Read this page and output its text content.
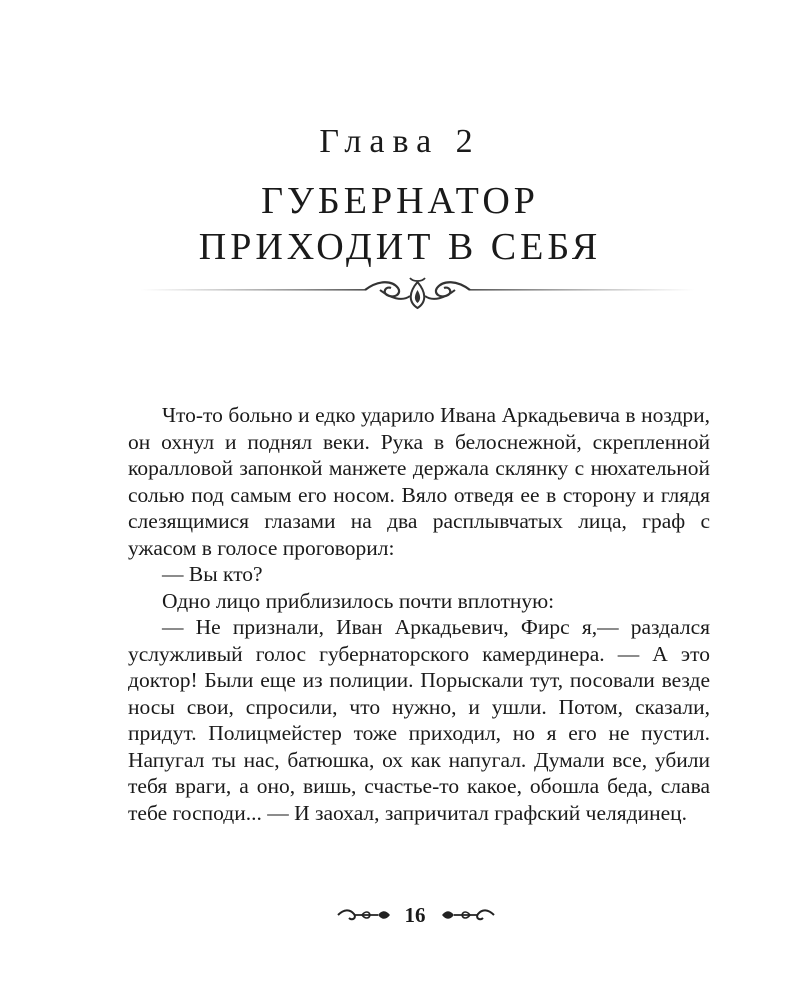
Глава 2
ГУБЕРНАТОР
ПРИХОДИТ В СЕБЯ

Что-то больно и едко ударило Ивана Аркадьевича в ноздри, он охнул и поднял веки. Рука в белоснежной, скрепленной коралловой запонкой манжете держала склянку с нюхательной солью под самым его носом. Вяло отведя ее в сторону и глядя слезящимися глазами на два расплывчатых лица, граф с ужасом в голосе проговорил:

— Вы кто?

Одно лицо приблизилось почти вплотную:

— Не признали, Иван Аркадьевич, Фирс я,— раздался услужливый голос губернаторского камердинера. — А это доктор! Были еще из полиции. Порыскали тут, посовали везде носы свои, спросили, что нужно, и ушли. Потом, сказали, придут. Полицмейстер тоже приходил, но я его не пустил. Напугал ты нас, батюшка, ох как напугал. Думали все, убили тебя враги, а оно, вишь, счастье-то какое, обошла беда, слава тебе господи... — И заохал, запричитал графский челядинец.

16
